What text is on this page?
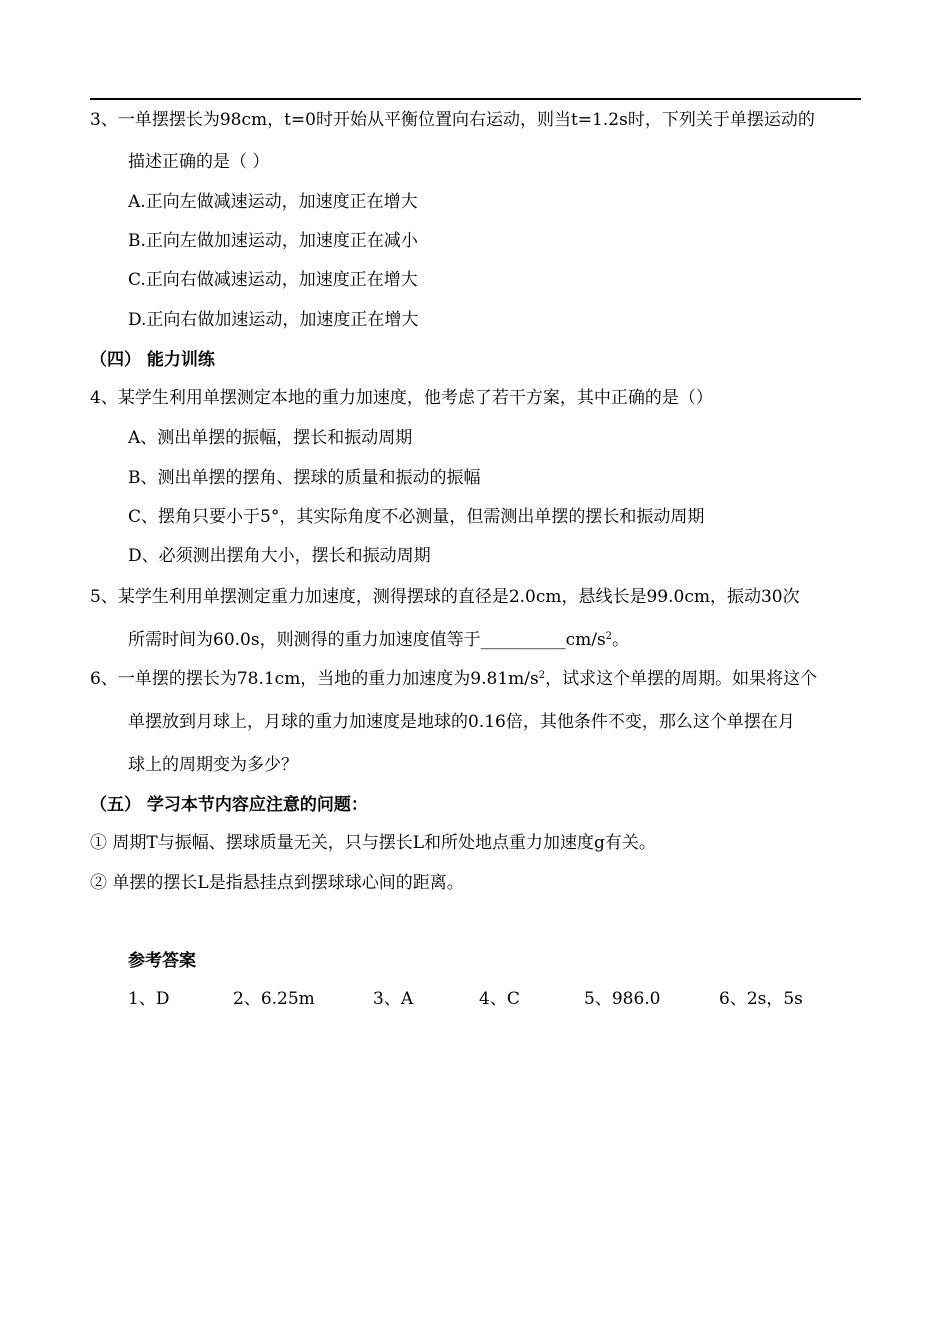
3、一单摆摆长为98cm，t=0时开始从平衡位置向右运动，则当t=1.2s时，下列关于单摆运动的
描述正确的是（ ）
A.正向左做减速运动，加速度正在增大
B.正向左做加速运动，加速度正在减小
C.正向右做减速运动，加速度正在增大
D.正向右做加速运动，加速度正在增大
（四） 能力训练
4、某学生利用单摆测定本地的重力加速度，他考虑了若干方案，其中正确的是（）
A、测出单摆的振幅，摆长和振动周期
B、测出单摆的摆角、摆球的质量和振动的振幅
C、摆角只要小于5°，其实际角度不必测量，但需测出单摆的摆长和振动周期
D、必须测出摆角大小，摆长和振动周期
5、某学生利用单摆测定重力加速度，测得摆球的直径是2.0cm，悬线长是99.0cm，振动30次
所需时间为60.0s，则测得的重力加速度值等于$\_\_\_\_\_\_\_\_\_\_cm/s^2$。
6、一单摆的摆长为78.1cm，当地的重力加速度为$9.81m/s^2$，试求这个单摆的周期。如果将这个
单摆放到月球上，月球的重力加速度是地球的0.16倍，其他条件不变，那么这个单摆在月
球上的周期变为多少？
（五） 学习本节内容应注意的问题：
① 周期T与振幅、摆球质量无关，只与摆长L和所处地点重力加速度g有关。
② 单摆的摆长L是指悬挂点到摆球球心间的距离。
参考答案
1、D	2、6.25m	3、A	4、C	5、986.0	6、2s，5s
